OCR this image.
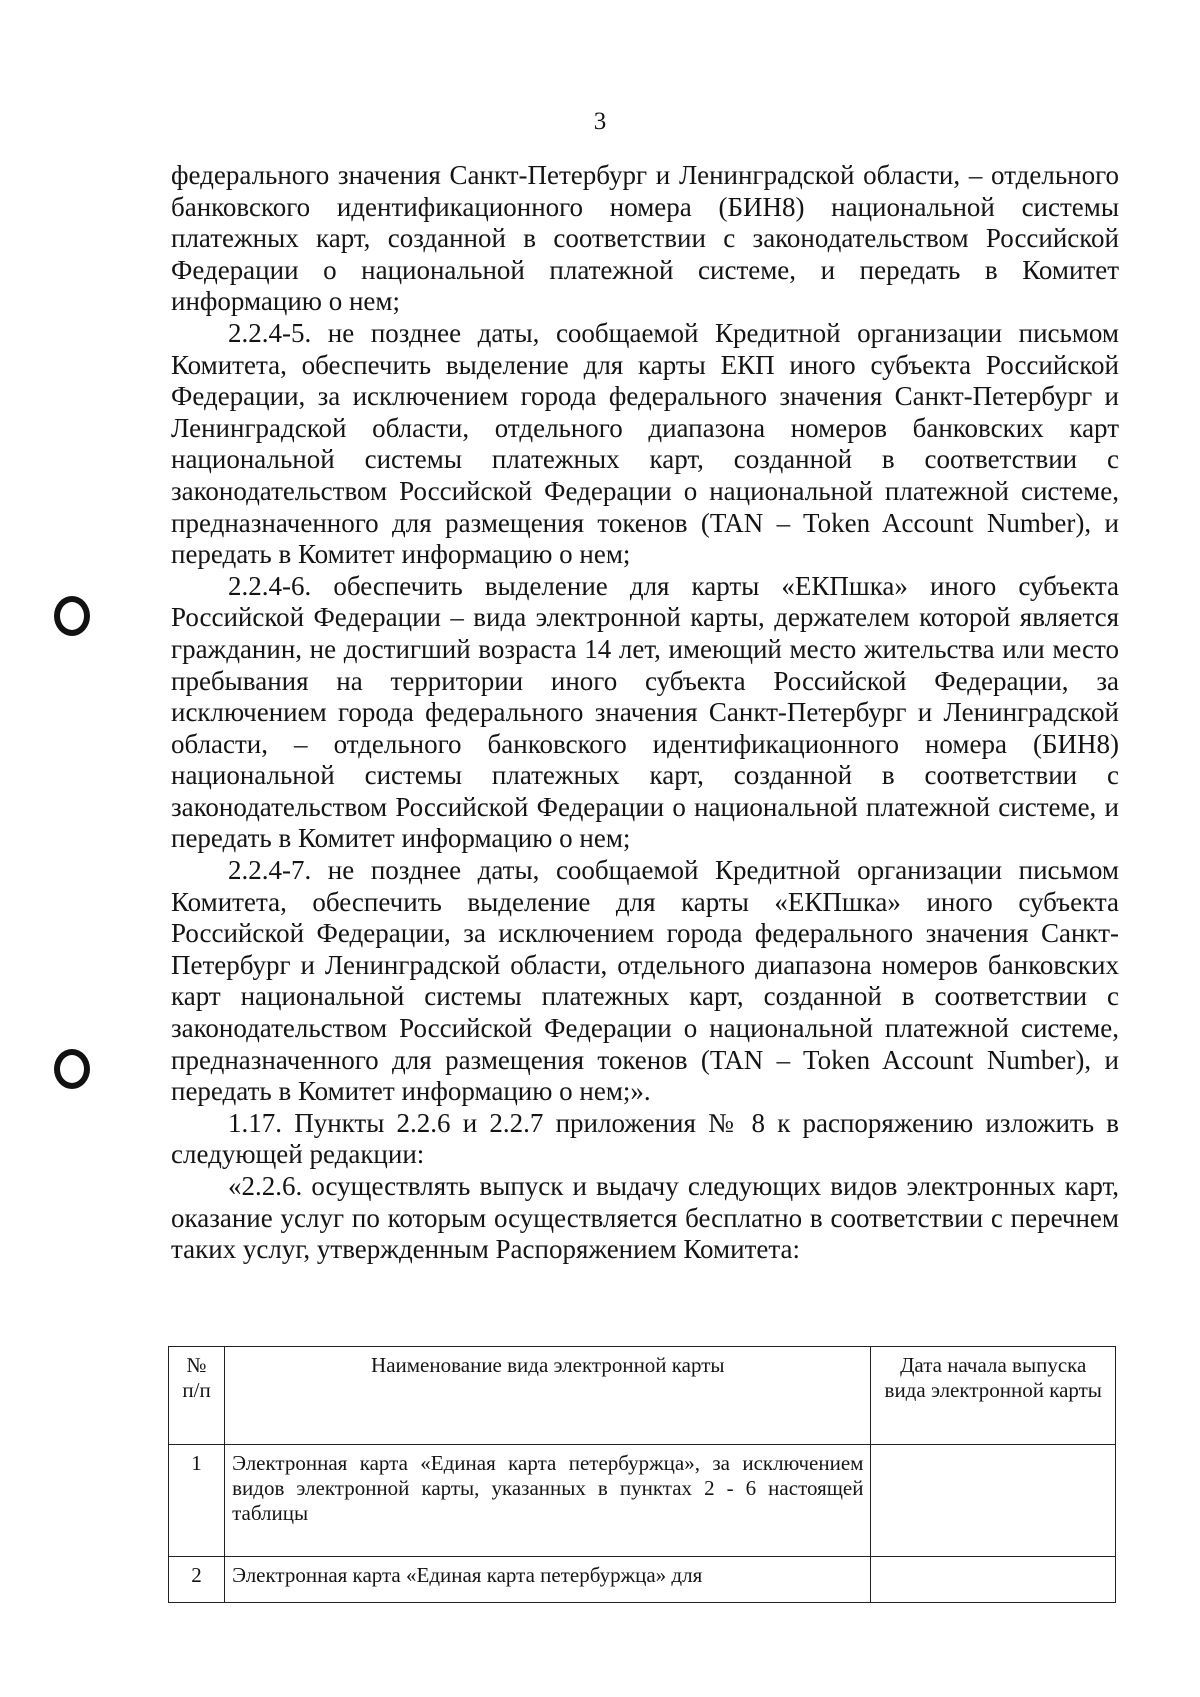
3

федерального значения Санкт-Петербург и Ленинградской области, – отдельного банковского идентификационного номера (БИН8) национальной системы платежных карт, созданной в соответствии с законодательством Российской Федерации о национальной платежной системе, и передать в Комитет информацию о нем;

2.2.4-5. не позднее даты, сообщаемой Кредитной организации письмом Комитета, обеспечить выделение для карты ЕКП иного субъекта Российской Федерации, за исключением города федерального значения Санкт-Петербург и Ленинградской области, отдельного диапазона номеров банковских карт национальной системы платежных карт, созданной в соответствии с законодательством Российской Федерации о национальной платежной системе, предназначенного для размещения токенов (TAN – Token Account Number), и передать в Комитет информацию о нем;

2.2.4-6. обеспечить выделение для карты «ЕКПшка» иного субъекта Российской Федерации – вида электронной карты, держателем которой является гражданин, не достигший возраста 14 лет, имеющий место жительства или место пребывания на территории иного субъекта Российской Федерации, за исключением города федерального значения Санкт-Петербург и Ленинградской области, – отдельного банковского идентификационного номера (БИН8) национальной системы платежных карт, созданной в соответствии с законодательством Российской Федерации о национальной платежной системе, и передать в Комитет информацию о нем;

2.2.4-7. не позднее даты, сообщаемой Кредитной организации письмом Комитета, обеспечить выделение для карты «ЕКПшка» иного субъекта Российской Федерации, за исключением города федерального значения Санкт-Петербург и Ленинградской области, отдельного диапазона номеров банковских карт национальной системы платежных карт, созданной в соответствии с законодательством Российской Федерации о национальной платежной системе, предназначенного для размещения токенов (TAN – Token Account Number), и передать в Комитет информацию о нем;».

1.17. Пункты 2.2.6 и 2.2.7 приложения № 8 к распоряжению изложить в следующей редакции:

«2.2.6. осуществлять выпуск и выдачу следующих видов электронных карт, оказание услуг по которым осуществляется бесплатно в соответствии с перечнем таких услуг, утвержденным Распоряжением Комитета:

№ п/п	Наименование вида электронной карты	Дата начала выпуска вида электронной карты
1	Электронная карта «Единая карта петербуржца», за исключением видов электронной карты, указанных в пунктах 2 - 6 настоящей таблицы	
2	Электронная карта «Единая карта петербуржца» для	
